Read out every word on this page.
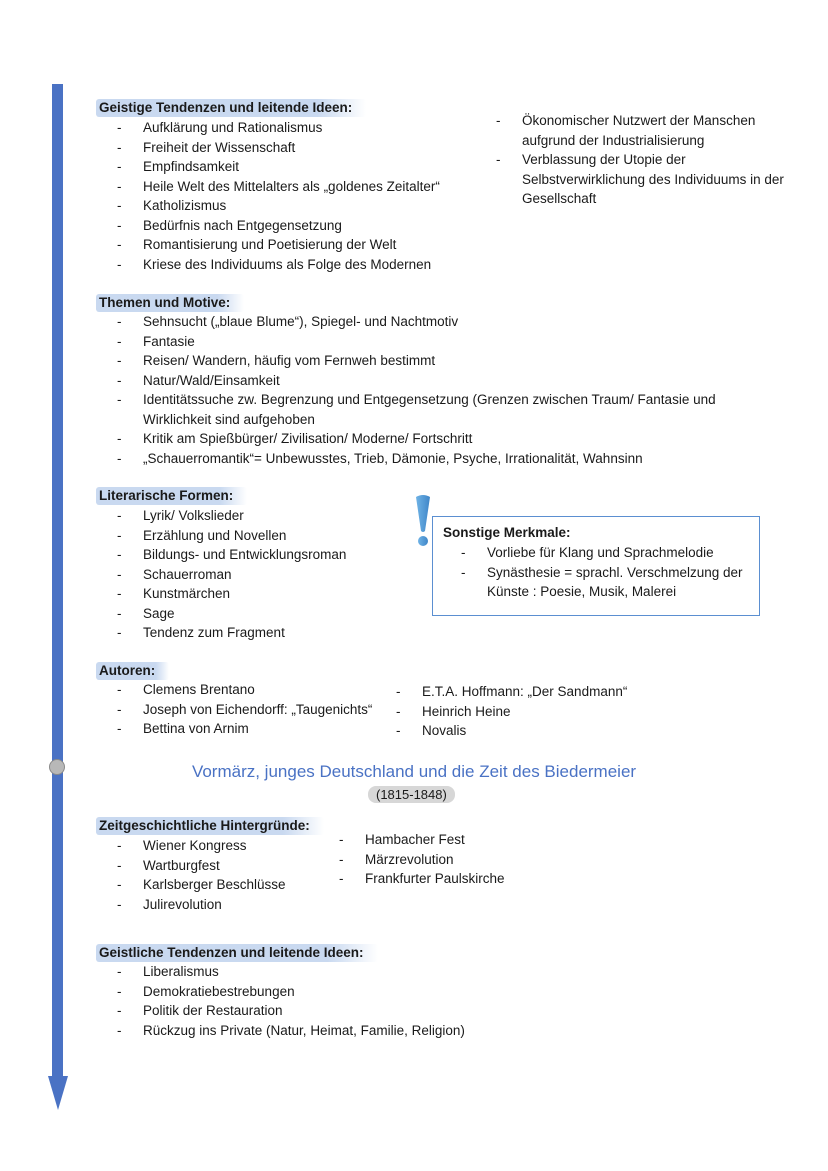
Geistige Tendenzen und leitende Ideen:
- Aufklärung und Rationalismus
- Freiheit der Wissenschaft
- Empfindsamkeit
- Heile Welt des Mittelalters als „goldenes Zeitalter“
- Katholizismus
- Bedürfnis nach Entgegensetzung
- Romantisierung und Poetisierung der Welt
- Kriese des Individuums als Folge des Modernen
- Ökonomischer Nutzwert der Manschen aufgrund der Industrialisierung
- Verblassung der Utopie der Selbstverwirklichung des Individuums in der Gesellschaft
Themen und Motive:
- Sehnsucht („blaue Blume“), Spiegel- und Nachtmotiv
- Fantasie
- Reisen/ Wandern, häufig vom Fernweh bestimmt
- Natur/Wald/Einsamkeit
- Identitätssuche zw. Begrenzung und Entgegensetzung (Grenzen zwischen Traum/ Fantasie und Wirklichkeit sind aufgehoben
- Kritik am Spießbürger/ Zivilisation/ Moderne/ Fortschritt
- „Schauerromantik“= Unbewusstes, Trieb, Dämonie, Psyche, Irrationalität, Wahnsinn
Literarische Formen:
- Lyrik/ Volkslieder
- Erzählung und Novellen
- Bildungs- und Entwicklungsroman
- Schauerroman
- Kunstmärchen
- Sage
- Tendenz zum Fragment
Sonstige Merkmale:
- Vorliebe für Klang und Sprachmelodie
- Synästhesie = sprachl. Verschmelzung der Künste : Poesie, Musik, Malerei
Autoren:
- Clemens Brentano
- Joseph von Eichendorff: „Taugenichts“
- Bettina von Arnim
- E.T.A. Hoffmann: „Der Sandmann“
- Heinrich Heine
- Novalis
Vormärz, junges Deutschland und die Zeit des Biedermeier
(1815-1848)
Zeitgeschichtliche Hintergründe:
- Wiener Kongress
- Wartburgfest
- Karlsberger Beschlüsse
- Julirevolution
- Hambacher Fest
- Märzrevolution
- Frankfurter Paulskirche
Geistliche Tendenzen und leitende Ideen:
- Liberalismus
- Demokratiebestrebungen
- Politik der Restauration
- Rückzug ins Private (Natur, Heimat, Familie, Religion)
